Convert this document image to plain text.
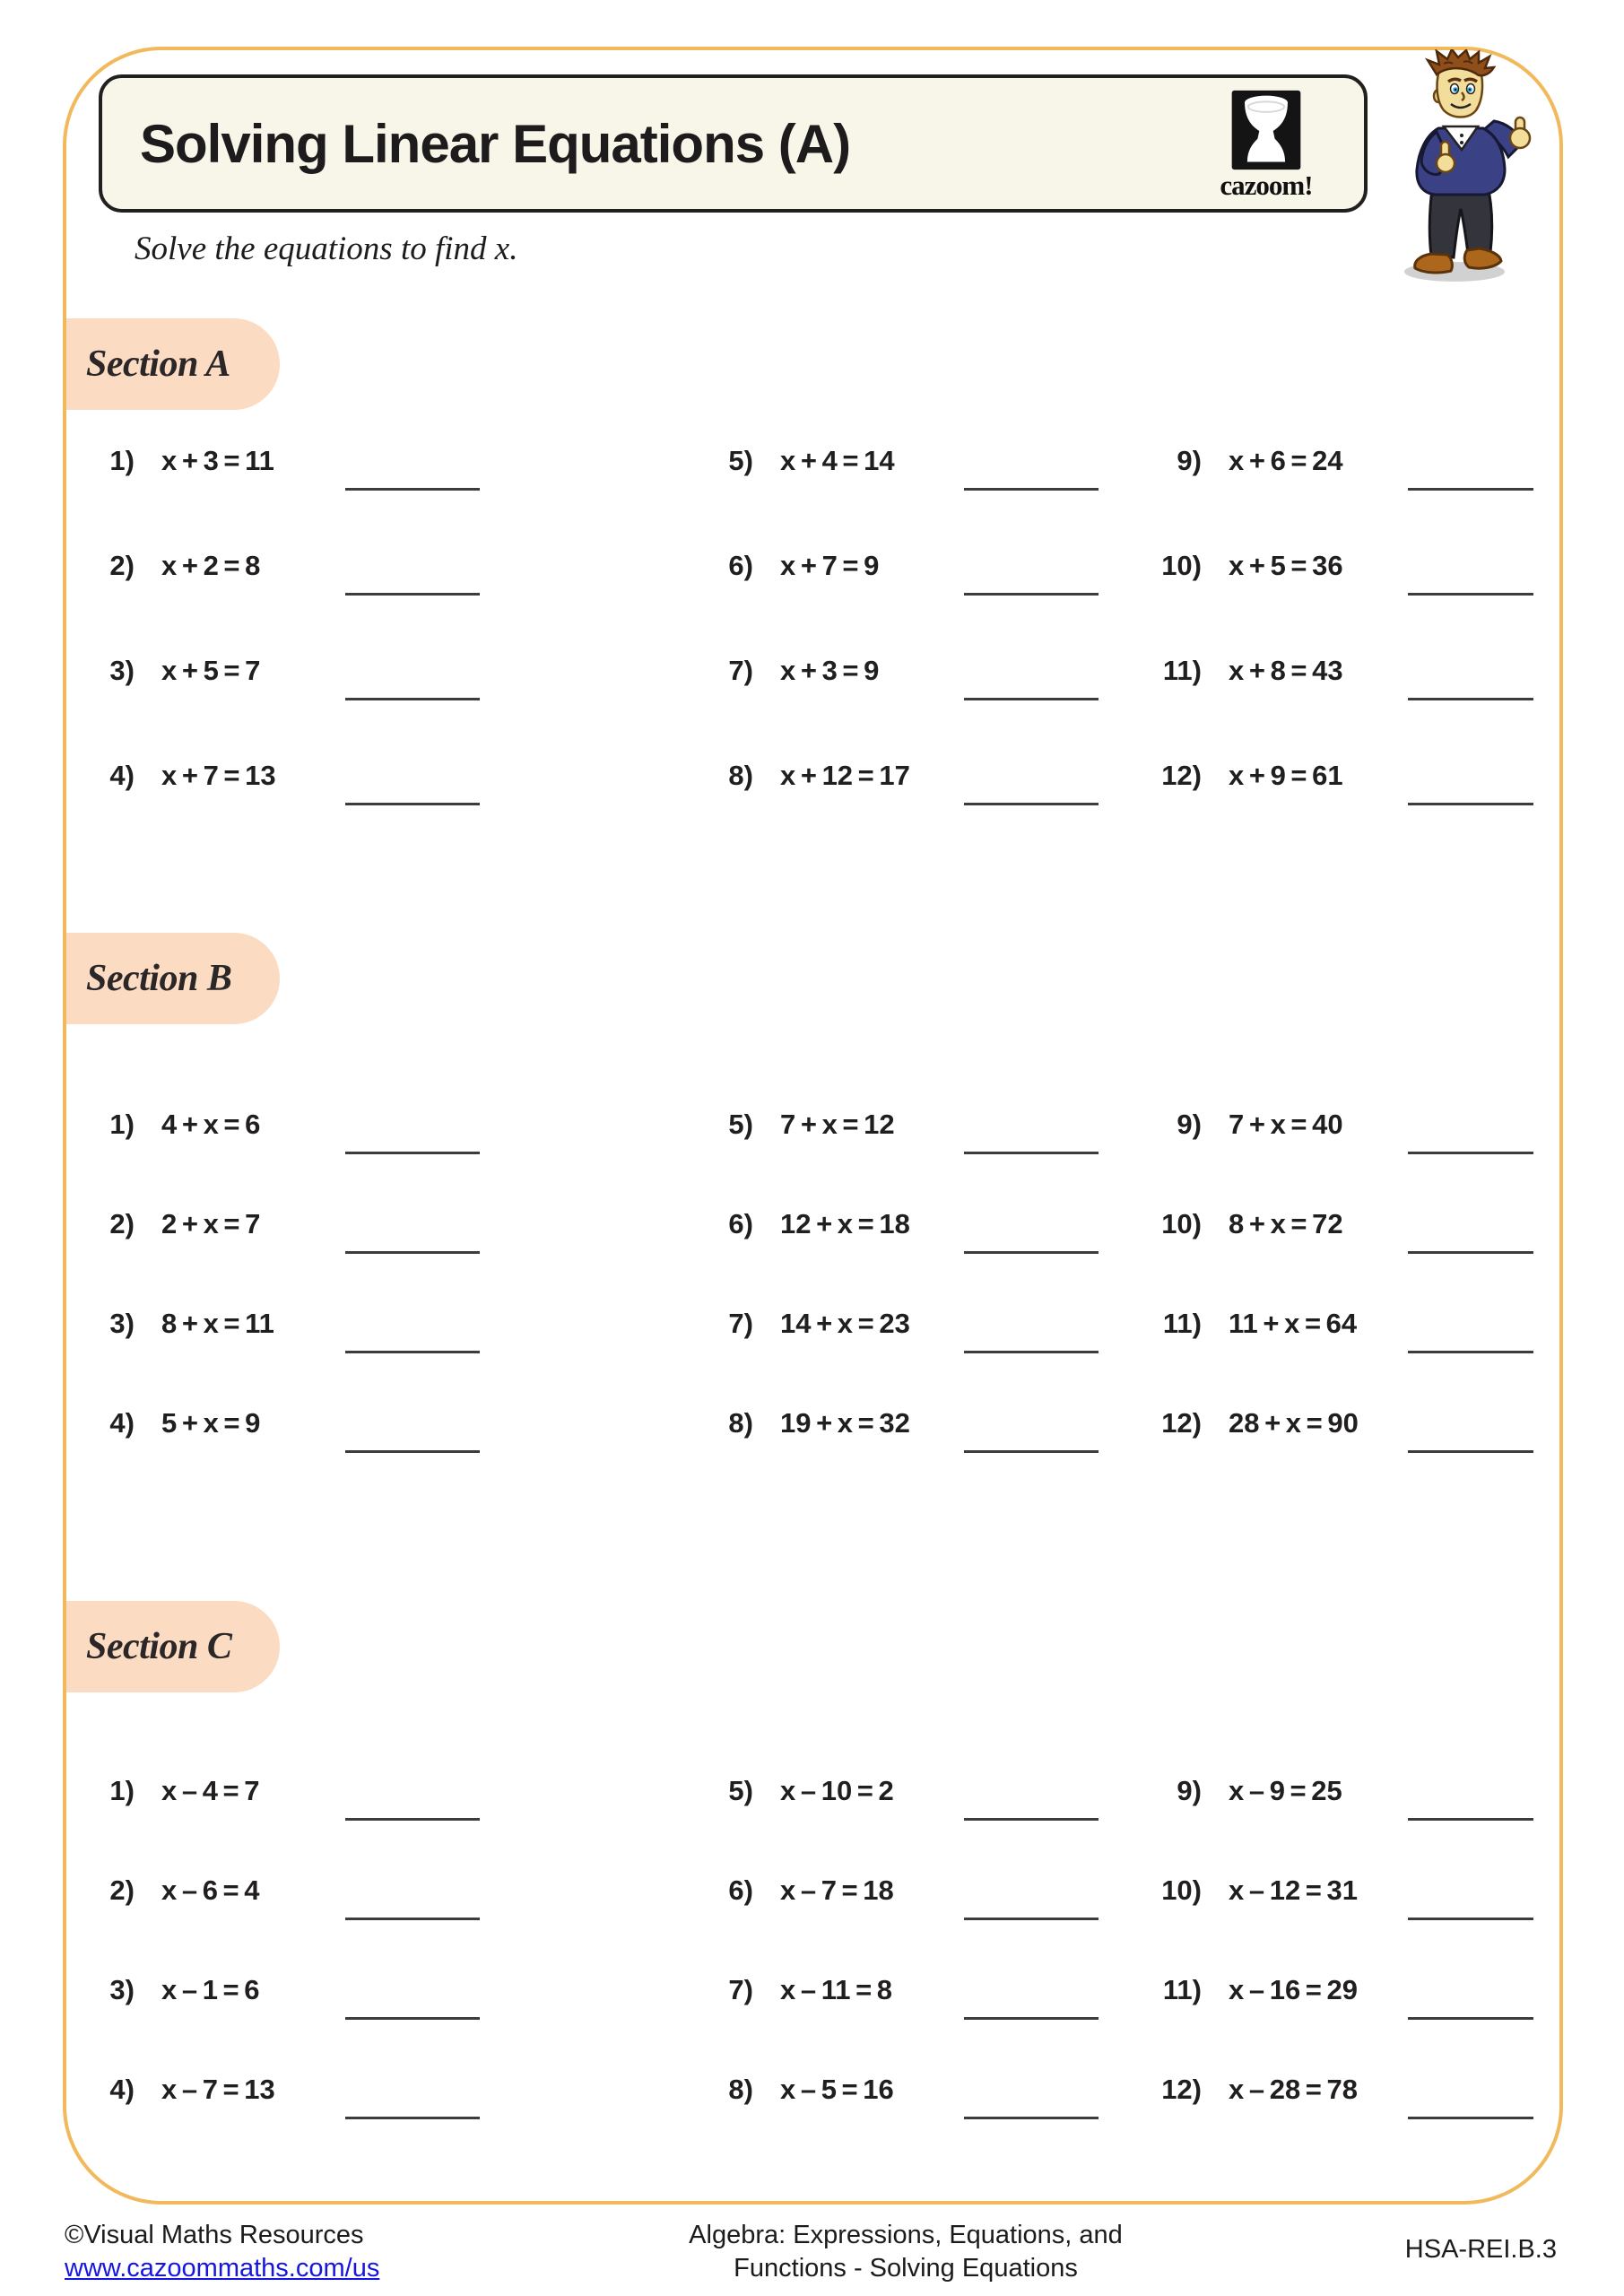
Solving Linear Equations (A)
cazoom!

Solve the equations to find x.

Section A
1) x + 3 = 11	5) x + 4 = 14	9) x + 6 = 24
2) x + 2 = 8	6) x + 7 = 9	10) x + 5 = 36
3) x + 5 = 7	7) x + 3 = 9	11) x + 8 = 43
4) x + 7 = 13	8) x + 12 = 17	12) x + 9 = 61
Section B
1) 4 + x = 6	5) 7 + x = 12	9) 7 + x = 40
2) 2 + x = 7	6) 12 + x = 18	10) 8 + x = 72
3) 8 + x = 11	7) 14 + x = 23	11) 11 + x = 64
4) 5 + x = 9	8) 19 + x = 32	12) 28 + x = 90
Section C
1) x – 4 = 7	5) x – 10 = 2	9) x – 9 = 25
2) x – 6 = 4	6) x – 7 = 18	10) x – 12 = 31
3) x – 1 = 6	7) x – 11 = 8	11) x – 16 = 29
4) x – 7 = 13	8) x – 5 = 16	12) x – 28 = 78
©Visual Maths Resources
www.cazoommaths.com/us
Algebra: Expressions, Equations, and
Functions - Solving Equations
HSA-REI.B.3
